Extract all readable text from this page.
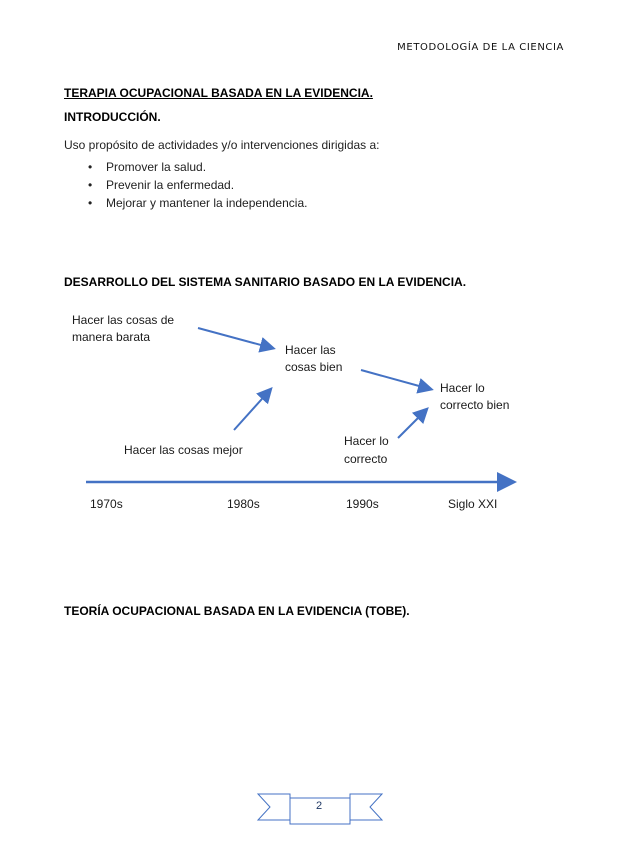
METODOLOGÍA DE LA CIENCIA
TERAPIA OCUPACIONAL BASADA EN LA EVIDENCIA.
INTRODUCCIÓN.
Uso propósito de actividades y/o intervenciones dirigidas a:
• Promover la salud.
• Prevenir la enfermedad.
• Mejorar y mantener la independencia.
DESARROLLO DEL SISTEMA SANITARIO BASADO EN LA EVIDENCIA.
Hacer las cosas de
manera barata
Hacer las
cosas bien
Hacer lo
correcto bien
Hacer las cosas mejor
Hacer lo
correcto
1970s	1980s	1990s	Siglo XXI
TEORÍA OCUPACIONAL BASADA EN LA EVIDENCIA (TOBE).
2
